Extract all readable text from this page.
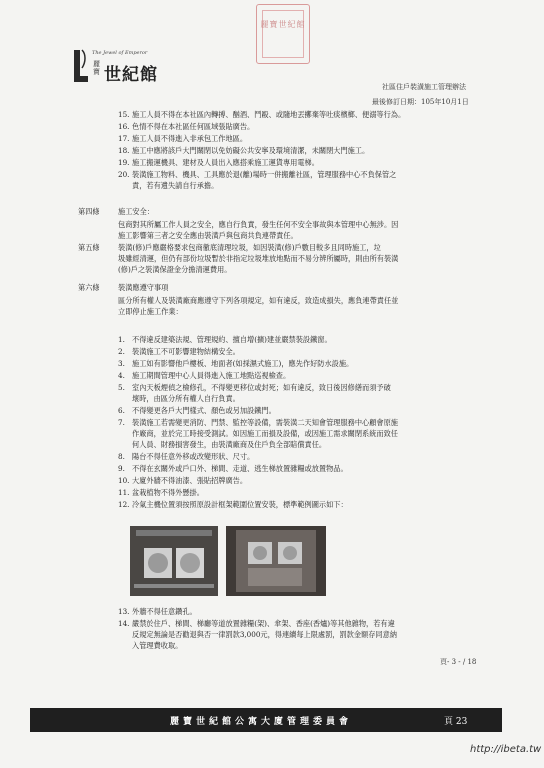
麗寶世紀館
The Jewel of Emperor
麗寶 世紀館
社區住戶裝潢施工管理辦法
最後修訂日期：105年10月1日
15. 施工人員不得在本社區內轉搏、酗酒、鬥毆、或隨地丟擲棄等吐痰檳榔、便溺等行為。
16. 色情不得在本社區任何區域張貼廣告。
17. 施工人員不得進入非承包工作地區。
18. 施工中應將該戶大門關閉以免妨礙公共安寧及環境清潔，未關閉大門施工。
19. 施工搬運機具、建材及人員出入應搭乘施工運貨專用電梯。
20. 裝潢施工物料、機具、工具應於退(離)場時一併搬離社區，管理服務中心不負保管之
責，若有遺失請自行承擔。
第四條	施工安全：
包商對其所屬工作人員之安全，應自行負責，發生任何不安全事故與本管理中心無涉。因
施工影響第三者之安全應由裝潢戶與包商共負連帶責任。
第五條	裝潢(修)戶應嚴格要求包商徹底清理垃圾，如因裝潢(修)戶數目較多且同時施工，垃
圾雖經清運，但仍有部份垃圾暫於非指定垃圾堆放地點而不易分辨所屬時，則由所有裝潢
(修)戶之裝潢保證金分擔清運費用。
第六條	裝潢應遵守事項
區分所有權人及裝潢廠商應遵守下列各項規定，如有違反，致造成損失，應負連帶責任並
立即停止施工作業：
1. 不得違反建築法規、管理規約、擅自增(擴)建並嚴禁裝設鐵窗。
2. 裝潢施工不可影響建物結構安全。
3. 施工如有影響他戶樓板、地面者(如採濕式施工)，應先作好防水設施。
4. 施工期間管理中心人員得進入施工地點巡視檢查。
5. 室內天板煙偵之檢修孔，不得變更移位或封死；如有違反，致日後因修繕而須予破
壞時，由區分所有權人自行負責。
6. 不得變更各戶大門樣式、顏色或另加設鐵門。
7. 裝潢施工若需變更消防、門禁、監控等設備，需裝潢二天知會管理服務中心顧會原施
作廠商，並於完工時接受測試。如因施工而損及設備，或因施工需求關閉系統而致任
何人員、財務損害發生，由裝潢廠商及住戶負全部賠償責任。
8. 陽台不得任意外移或改變形狀、尺寸。
9. 不得在玄關外或戶口外、梯間、走道、逃生梯放置雜糧或放置物品。
10. 大廈外牆不得油漆、張貼招牌廣告。
11. 盆栽植物不得外懸掛。
12. 冷氣主機位置須按照原設計框架範圍位置安裝，標準範例圖示如下：
13. 外牆不得任意鑽孔。
14. 嚴禁於住戶、梯間、梯廳等道放置雜糧(架)、傘架、香座(香爐)等其他雜物，若有違
反規定無論是否勸退與否一律罰款3,000元，得連續每上限處罰，罰款金額存同意納
入管理費收取。
頁- 3 - / 18
麗寶世紀館公寓大廈管理委員會	頁 23
http://ibeta.tw
